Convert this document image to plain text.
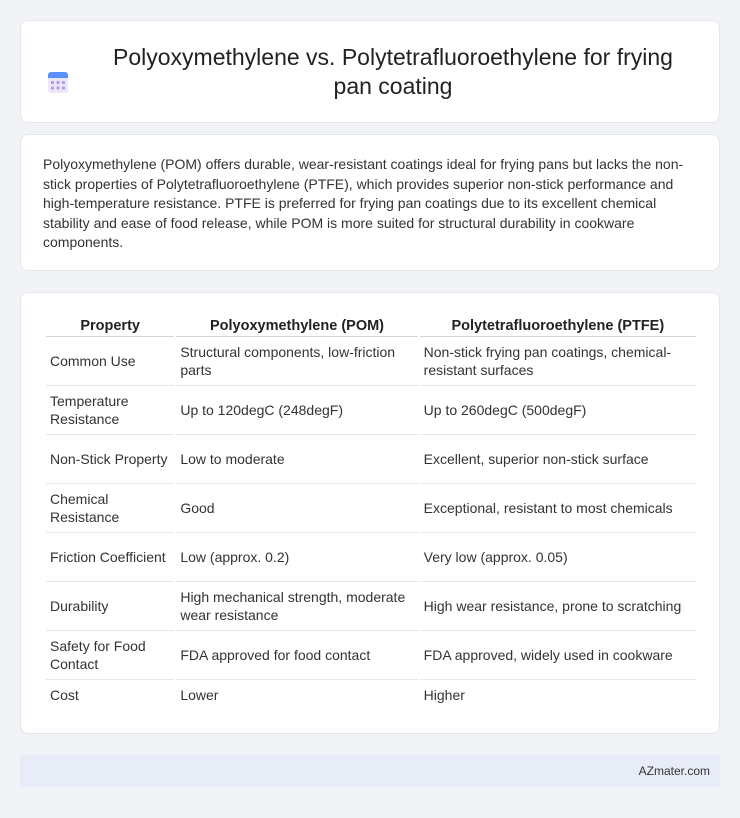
Polyoxymethylene vs. Polytetrafluoroethylene for frying pan coating

Polyoxymethylene (POM) offers durable, wear-resistant coatings ideal for frying pans but lacks the non-stick properties of Polytetrafluoroethylene (PTFE), which provides superior non-stick performance and high-temperature resistance. PTFE is preferred for frying pan coatings due to its excellent chemical stability and ease of food release, while POM is more suited for structural durability in cookware components.

Property	Polyoxymethylene (POM)	Polytetrafluoroethylene (PTFE)
Common Use	Structural components, low-friction parts	Non-stick frying pan coatings, chemical-resistant surfaces
Temperature Resistance	Up to 120degC (248degF)	Up to 260degC (500degF)
Non-Stick Property	Low to moderate	Excellent, superior non-stick surface
Chemical Resistance	Good	Exceptional, resistant to most chemicals
Friction Coefficient	Low (approx. 0.2)	Very low (approx. 0.05)
Durability	High mechanical strength, moderate wear resistance	High wear resistance, prone to scratching
Safety for Food Contact	FDA approved for food contact	FDA approved, widely used in cookware
Cost	Lower	Higher
AZmater.com
